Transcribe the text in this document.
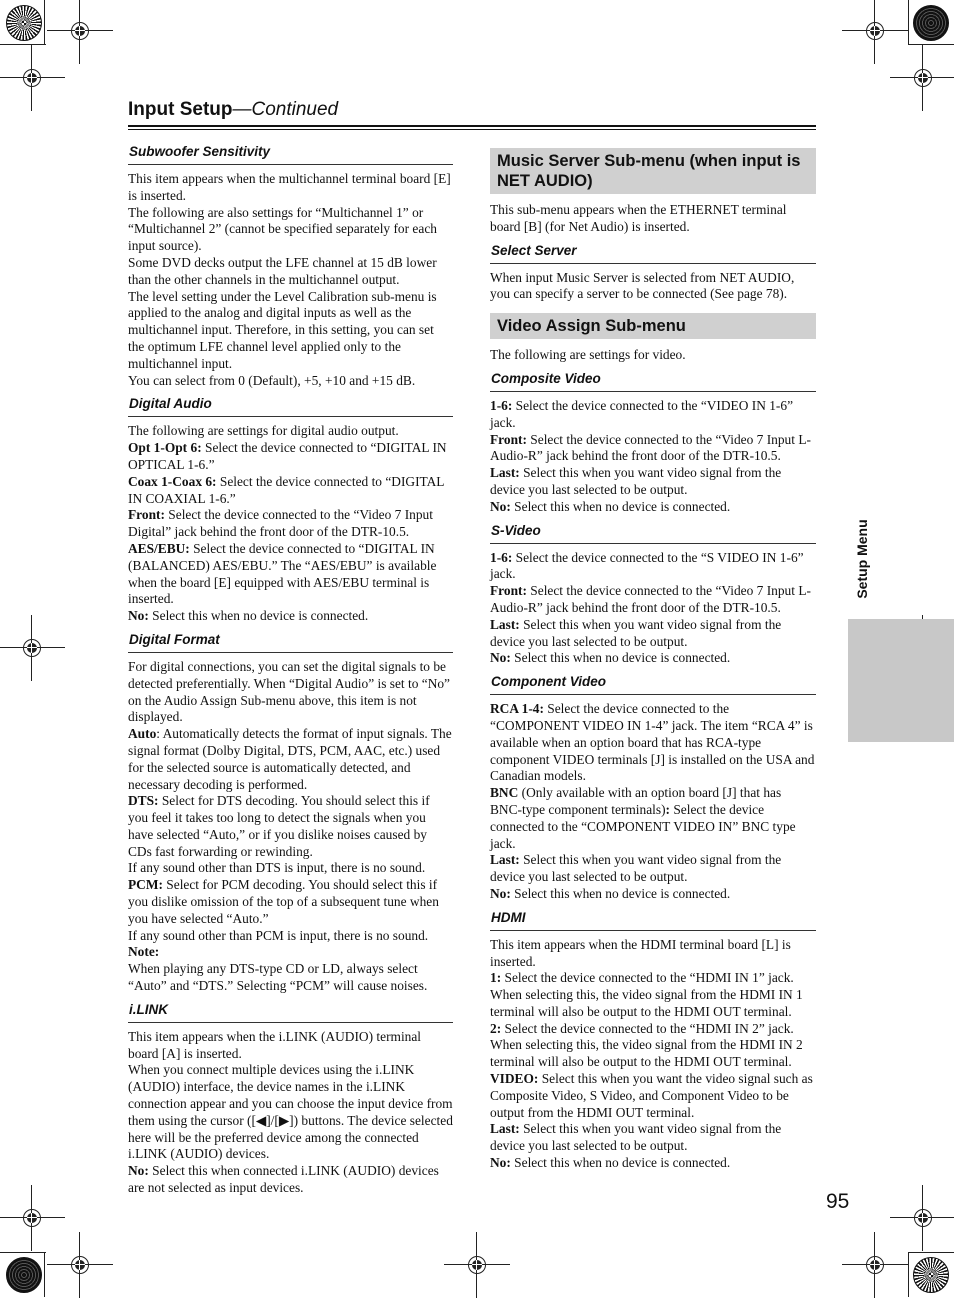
Input Setup—Continued
Subwoofer Sensitivity

This item appears when the multichannel terminal board [E] is inserted.

The following are also settings for “Multichannel 1” or “Multichannel 2” (cannot be specified separately for each input source).

Some DVD decks output the LFE channel at 15 dB lower than the other channels in the multichannel output.

The level setting under the Level Calibration sub-menu is applied to the analog and digital inputs as well as the multichannel input. Therefore, in this setting, you can set the optimum LFE channel level applied only to the multichannel input.

You can select from 0 (Default), +5, +10 and +15 dB.

Digital Audio

The following are settings for digital audio output.

Opt 1-Opt 6: Select the device connected to “DIGITAL IN OPTICAL 1-6.”

Coax 1-Coax 6: Select the device connected to “DIGITAL IN COAXIAL 1-6.”

Front: Select the device connected to the “Video 7 Input Digital” jack behind the front door of the DTR-10.5.

AES/EBU: Select the device connected to “DIGITAL IN (BALANCED) AES/EBU.” The “AES/EBU” is available when the board [E] equipped with AES/EBU terminal is inserted.

No: Select this when no device is connected.

Digital Format

For digital connections, you can set the digital signals to be detected preferentially. When “Digital Audio” is set to “No” on the Audio Assign Sub-menu above, this item is not displayed.

Auto: Automatically detects the format of input signals. The signal format (Dolby Digital, DTS, PCM, AAC, etc.) used for the selected source is automatically detected, and necessary decoding is performed.

DTS: Select for DTS decoding. You should select this if you feel it takes too long to detect the signals when you have selected “Auto,” or if you dislike noises caused by CDs fast forwarding or rewinding.

If any sound other than DTS is input, there is no sound.

PCM: Select for PCM decoding. You should select this if you dislike omission of the top of a subsequent tune when you have selected “Auto.”

If any sound other than PCM is input, there is no sound.

Note:

When playing any DTS-type CD or LD, always select “Auto” and “DTS.” Selecting “PCM” will cause noises.

i.LINK

This item appears when the i.LINK (AUDIO) terminal board [A] is inserted.

When you connect multiple devices using the i.LINK (AUDIO) interface, the device names in the i.LINK connection appear and you can choose the input device from them using the cursor ([◀]/[▶]) buttons. The device selected here will be the preferred device among the connected i.LINK (AUDIO) devices.

No: Select this when connected i.LINK (AUDIO) devices are not selected as input devices.

Music Server Sub-menu (when input is NET AUDIO)

This sub-menu appears when the ETHERNET terminal board [B] (for Net Audio) is inserted.

Select Server

When input Music Server is selected from NET AUDIO, you can specify a server to be connected (See page 78).

Video Assign Sub-menu

The following are settings for video.

Composite Video

1-6: Select the device connected to the “VIDEO IN 1-6” jack.

Front: Select the device connected to the “Video 7 Input L-Audio-R” jack behind the front door of the DTR-10.5.

Last: Select this when you want video signal from the device you last selected to be output.

No: Select this when no device is connected.

S-Video

1-6: Select the device connected to the “S VIDEO IN 1-6” jack.

Front: Select the device connected to the “Video 7 Input L-Audio-R” jack behind the front door of the DTR-10.5.

Last: Select this when you want video signal from the device you last selected to be output.

No: Select this when no device is connected.

Component Video

RCA 1-4: Select the device connected to the “COMPONENT VIDEO IN 1-4” jack. The item “RCA 4” is available when an option board that has RCA-type component VIDEO terminals [J] is installed on the USA and Canadian models.

BNC (Only available with an option board [J] that has BNC-type component terminals): Select the device connected to the “COMPONENT VIDEO IN” BNC type jack.

Last: Select this when you want video signal from the device you last selected to be output.

No: Select this when no device is connected.

HDMI

This item appears when the HDMI terminal board [L] is inserted.

1: Select the device connected to the “HDMI IN 1” jack. When selecting this, the video signal from the HDMI IN 1 terminal will also be output to the HDMI OUT terminal.

2: Select the device connected to the “HDMI IN 2” jack. When selecting this, the video signal from the HDMI IN 2 terminal will also be output to the HDMI OUT terminal.

VIDEO: Select this when you want the video signal such as Composite Video, S Video, and Component Video to be output from the HDMI OUT terminal.

Last: Select this when you want video signal from the device you last selected to be output.

No: Select this when no device is connected.

Setup Menu
95
